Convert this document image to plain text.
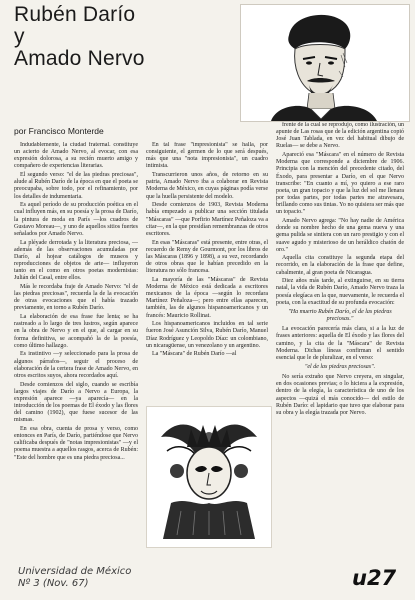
Rubén Darío
y
Amado Nervo
por Francisco Monterde

Indudablemente, la ciudad fraternal. constituye un acierto de Amado Nervo, al evocar, con esa expresión dolorosa, a su recién muerto amigo y compañero de experiencias literarias.

El segundo verso: "el de las piedras preciosas", alude al Rubén Darío de la época en que el poeta se preocupaba, sobre todo, por el refinamiento, por los detalles de indumentaria.

Es aquel período de su producción poética en el cual influyen más, en su poesía y la prosa de Darío, la pintura de moda en París —los cuadros de Gustavo Moreau—, y uno de aquellos sitios fuertes señalados por Amado Nervo.

La pléyade derrotada y la literatura preciosa, —además de las observaciones acumuladas por Darío, al hojear catálogos de museos y reproducciones de objetos de arte— influyeron tanto en el como en otros poetas modernistas: Julián del Casal, entre ellos.

Más le recordaba fraje de Amado Nervo: "el de las piedras preciosas", recuerda la de la evocación de otras evocaciones que el había trazado previamente, en torno a Rubén Darío.

La elaboración de esa frase fue lenta; se ha rastreado a lo largo de tres lustros, según aparece en la obra de Nervo y en el que, al cargar en su forma definitiva, se acompañó la de la poesía, como último hallazgo.

Es instintivo —y seleccionado para la prosa de algunos párrafos—, seguir el proceso de elaboración de la certera frase de Amado Nervo, en otros escritos suyos, ahora recordados aquí.

Desde comienzos del siglo, cuando se escribía largos viajes de Darío a Nervo a Europa, la expresión aparece —ya aparecía— en la introducción de los poemas de El éxodo y las flores del camino (1902), que fuese sucesor de las mismas.

En esa obra, cuenta de prosa y verso, como entonces en París, de Darío, partiéndose que Nervo calificaba después de "notas impresionistas" —y el poema muestra a aquellos rasgos, acerca de Rubén: "Este del hombre que es una piedra preciosa...

En tal frase "impresionista" se halla, por consiguiente, el germen de lo que será después, más que una "nota impresionista", un cuadro intimista.

Transcurrieron unos años, de retorno en su patria, Amado Nervo iba a colaborar en Revista Moderna de México, en cuyas páginas podía verse que la huella persistente del modelo.

Desde comienzos de 1903, Revista Moderna había empezado a publicar una sección titulada "Máscaras" —que Porfirio Martínez Peñaloza va a citar—, en la que presidían remembranzas de otros escritores.

En esas "Máscaras" está presente, entre otras, el recuerdo de Remy de Gourmont, por los libros de las Máscaras (1896 y 1898), a su vez, recordando de otros obras que le habían precedido en la literatura no sólo francesa.

La mayoría de las "Máscaras" de Revista Moderna de México está dedicada a escritores mexicanos de la época —según lo recordara Martínez Peñaloza—; pero entre ellas aparecen, también, las de algunos hispanoamericanos y un francés: Mauricio Rollinat.

Los hispanoamericanos incluidos en tal serie fueron José Asunción Silva, Rubén Darío, Manuel Díaz Rodríguez y Leopoldo Díaz: un colombiano, un nicaragüense, un venezolano y un argentino.

La "Máscara" de Rubén Darío —al

frente de la cual se reprodujo, como ilustración, un apunte de Las rosas que de la edición argentina copió José Juan Tablada, en vez del habitual dibujo de Ruelas— se debe a Nervo.

Apareció esa "Máscara" en el número de Revista Moderna que corresponde a diciembre de 1906. Principia con la mención del precedente citado, del Éxodo, para presentar a Darío, en el que Nervo transcribe: "En cuanto a mí, yo quiero a ese raro poeta, un gran topacio y que la luz del sol me llenara por todas partes, por todas partes me atravesara, brillando como sus tintas. Yo no quisiera ser más que un topacio."

Amado Nervo agrega: "No hay nadie de América donde su nombre hecho de una gema nueva y una gema pulida se sintiera con un raro prestigio y con el suave agudo y misterioso de un heráldico chatón de oro."

Aquella cita constituye la segunda etapa del recorrido, en la elaboración de la frase que define, cabalmente, al gran poeta de Nicaragua.

Diez años más tarde, al extinguirse, en su tierra natal, la vida de Rubén Darío, Amado Nervo traza la poesía elegíaca en la que, nuevamente, le recuerda el poeta, con la exactitud de su profunda evocación:

"Ha muerto Rubén Darío, el de las piedras preciosas."

La evocación parecería más clara, si a la luz de frases anteriores: aquella de El éxodo y las flores del camino, y la cita de la "Máscara" de Revista Moderna. Dichas líneas confirman el sentido esencial que le de pluralizar, en el verso:

"el de las piedras preciosas".

No sería extraño que Nervo creyera, en singular, en dos ocasiones previas; o lo hiciera a la expresión, dentro de la elegía, la característica de uno de los aspectos —quizá el más conocido— del estilo de Rubén Darío: el lapidario que tuvo que elaborar para su obra y la elegía trazada por Nervo.

Universidad de México
Nº 3 (Nov. 67)	u27
